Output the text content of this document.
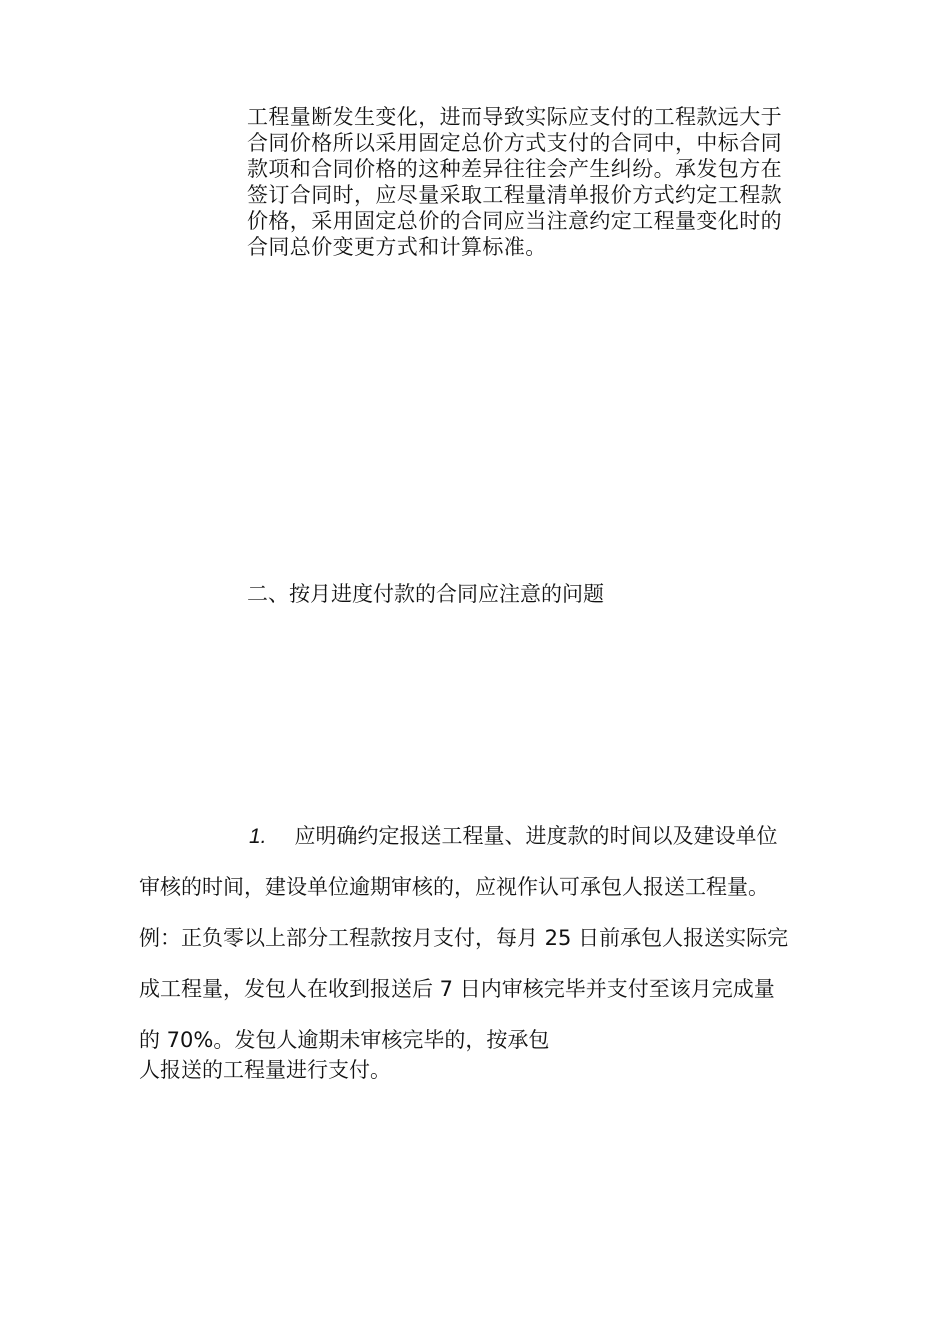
工程量断发生变化，进而导致实际应支付的工程款远大于
合同价格所以采用固定总价方式支付的合同中，中标合同
款项和合同价格的这种差异往往会产生纠纷。承发包方在
签订合同时，应尽量采取工程量清单报价方式约定工程款
价格，采用固定总价的合同应当注意约定工程量变化时的
合同总价变更方式和计算标准。
二、按月进度付款的合同应注意的问题
1. 应明确约定报送工程量、进度款的时间以及建设单位
审核的时间，建设单位逾期审核的，应视作认可承包人报送工程量。
例：正负零以上部分工程款按月支付，每月 25 日前承包人报送实际完
成工程量，发包人在收到报送后 7 日内审核完毕并支付至该月完成量
的 70%。发包人逾期未审核完毕的，按承包
人报送的工程量进行支付。
